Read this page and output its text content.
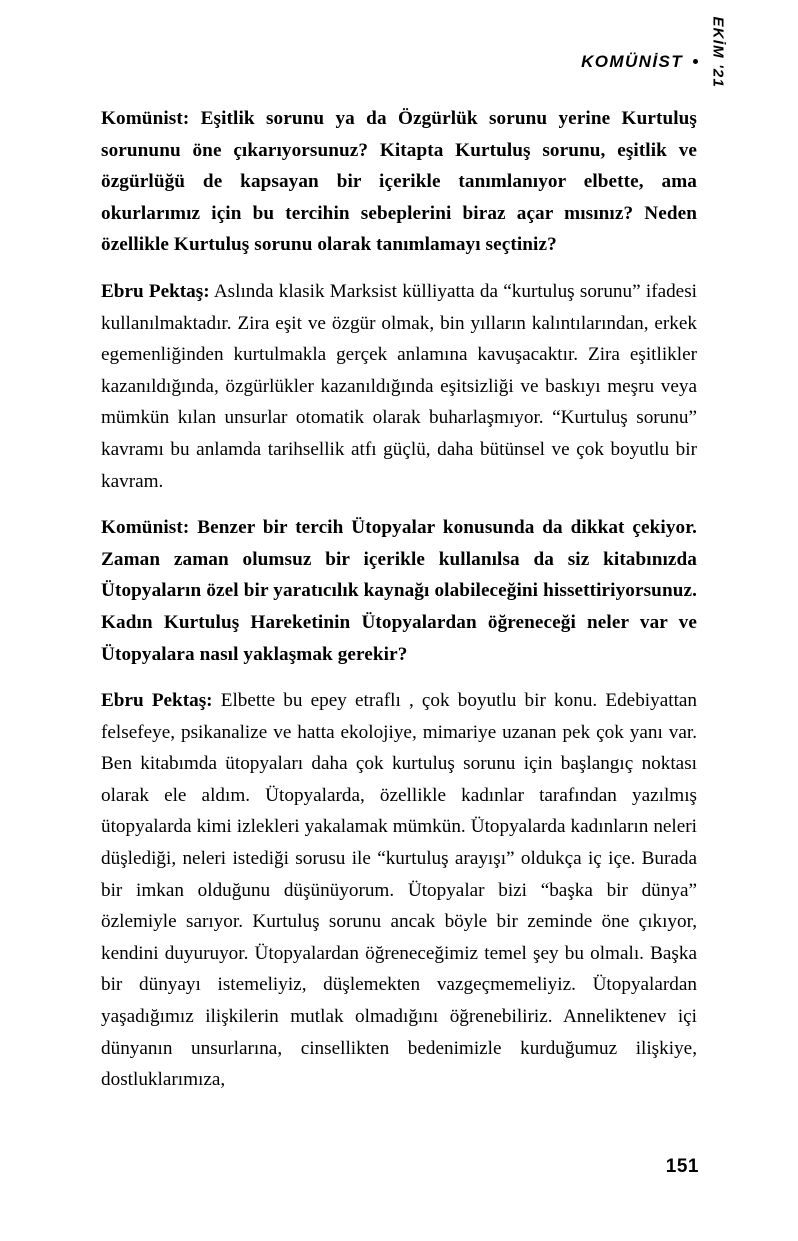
KOMÜNİST EKİM '21

Komünist: Eşitlik sorunu ya da Özgürlük sorunu yerine Kurtuluş sorununu öne çıkarıyorsunuz? Kitapta Kurtuluş sorunu, eşitlik ve özgürlüğü de kapsayan bir içerikle tanımlanıyor elbette, ama okurlarımız için bu tercihin sebeplerini biraz açar mısınız? Neden özellikle Kurtuluş sorunu olarak tanımlamayı seçtiniz?

Ebru Pektaş: Aslında klasik Marksist külliyatta da “kurtuluş sorunu” ifadesi kullanılmaktadır. Zira eşit ve özgür olmak, bin yılların kalıntılarından, erkek egemenliğinden kurtulmakla gerçek anlamına kavuşacaktır. Zira eşitlikler kazanıldığında, özgürlükler kazanıldığında eşitsizliği ve baskıyı meşru veya mümkün kılan unsurlar otomatik olarak buharlaşmıyor. “Kurtuluş sorunu” kavramı bu anlamda tarihsellik atfı güçlü, daha bütünsel ve çok boyutlu bir kavram.

Komünist: Benzer bir tercih Ütopyalar konusunda da dikkat çekiyor. Zaman zaman olumsuz bir içerikle kullanılsa da siz kitabınızda Ütopyaların özel bir yaratıcılık kaynağı olabileceğini hissettiriyorsunuz. Kadın Kurtuluş Hareketinin Ütopyalardan öğreneceği neler var ve Ütopyalara nasıl yaklaşmak gerekir?

Ebru Pektaş: Elbette bu epey etraflı , çok boyutlu bir konu. Edebiyattan felsefeye, psikanalize ve hatta ekolojiye, mimariye uzanan pek çok yanı var. Ben kitabımda ütopyaları daha çok kurtuluş sorunu için başlangıç noktası olarak ele aldım. Ütopyalarda, özellikle kadınlar tarafından yazılmış ütopyalarda kimi izlekleri yakalamak mümkün. Ütopyalarda kadınların neleri düşlediği, neleri istediği sorusu ile “kurtuluş arayışı” oldukça iç içe. Burada bir imkan olduğunu düşünüyorum. Ütopyalar bizi “başka bir dünya” özlemiyle sarıyor. Kurtuluş sorunu ancak böyle bir zeminde öne çıkıyor, kendini duyuruyor. Ütopyalardan öğreneceğimiz temel şey bu olmalı. Başka bir dünyayı istemeliyiz, düşlemekten vazgeçmemeliyiz. Ütopyalardan yaşadığımız ilişkilerin mutlak olmadığını öğrenebiliriz. Anneliktenev içi dünyanın unsurlarına, cinsellikten bedenimizle kurduğumuz ilişkiye, dostluklarımıza,

151
